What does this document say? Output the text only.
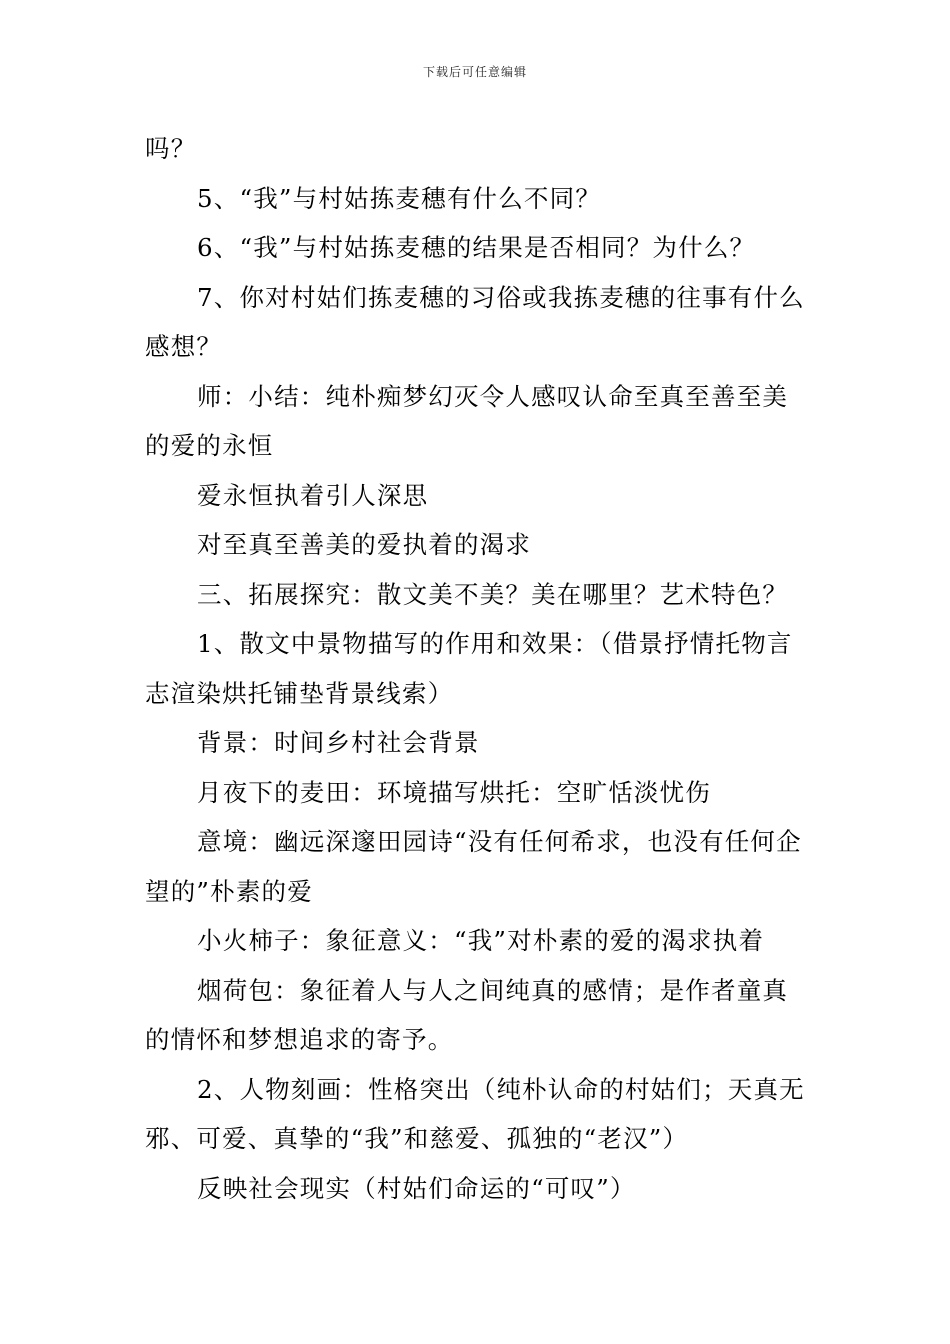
下载后可任意编辑

吗？

5、“我”与村姑拣麦穗有什么不同？

6、“我”与村姑拣麦穗的结果是否相同？为什么？

7、你对村姑们拣麦穗的习俗或我拣麦穗的往事有什么感想？

师：小结：纯朴痴梦幻灭令人感叹认命至真至善至美的爱的永恒

爱永恒执着引人深思

对至真至善美的爱执着的渴求

三、拓展探究：散文美不美？美在哪里？艺术特色？

1、散文中景物描写的作用和效果：（借景抒情托物言志渲染烘托铺垫背景线索）

背景：时间乡村社会背景

月夜下的麦田：环境描写烘托：空旷恬淡忧伤

意境：幽远深邃田园诗“没有任何希求，也没有任何企望的”朴素的爱

小火柿子：象征意义：“我”对朴素的爱的渴求执着

烟荷包：象征着人与人之间纯真的感情；是作者童真的情怀和梦想追求的寄予。

2、人物刻画：性格突出（纯朴认命的村姑们；天真无邪、可爱、真挚的“我”和慈爱、孤独的“老汉”）

反映社会现实（村姑们命运的“可叹”）
